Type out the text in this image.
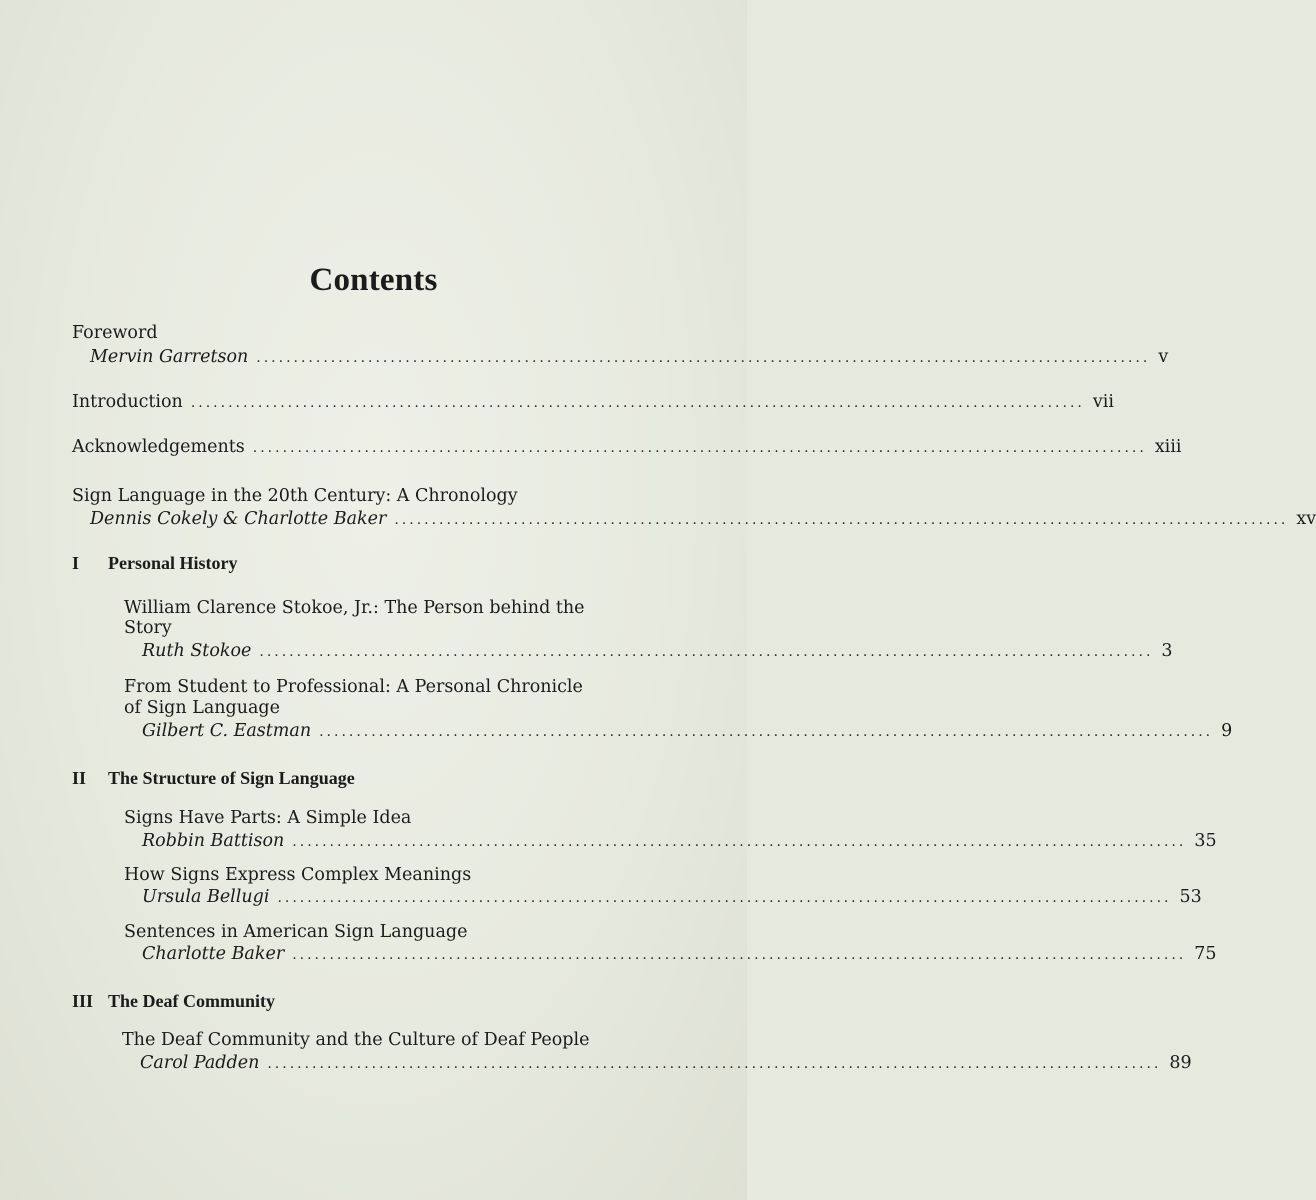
Contents
Foreword
Mervin Garretson ........................................................................................................................ v
Introduction ........................................................................................................................ vii
Acknowledgements ........................................................................................................................ xiii
Sign Language in the 20th Century: A Chronology
Dennis Cokely & Charlotte Baker ........................................................................................................................ xv
I Personal History
William Clarence Stokoe, Jr.: The Person behind the
Story
Ruth Stokoe ........................................................................................................................ 3
From Student to Professional: A Personal Chronicle
of Sign Language
Gilbert C. Eastman ........................................................................................................................ 9
II The Structure of Sign Language
Signs Have Parts: A Simple Idea
Robbin Battison ........................................................................................................................ 35
How Signs Express Complex Meanings
Ursula Bellugi ........................................................................................................................ 53
Sentences in American Sign Language
Charlotte Baker ........................................................................................................................ 75
III The Deaf Community
The Deaf Community and the Culture of Deaf People
Carol Padden ........................................................................................................................ 89
